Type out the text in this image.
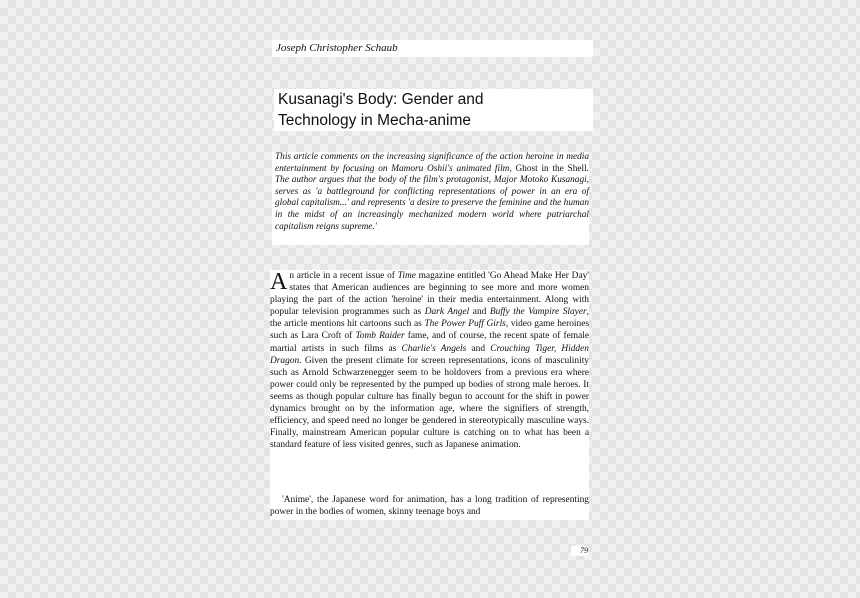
Joseph Christopher Schaub
Kusanagi's Body: Gender and
Technology in Mecha-anime
This article comments on the increasing significance of the action heroine in media entertainment by focusing on Mamoru Oshii's animated film, Ghost in the Shell. The author argues that the body of the film's protagonist, Major Motoko Kusanagi, serves as 'a battleground for conflicting representations of power in an era of global capitalism...' and represents 'a desire to preserve the feminine and the human in the midst of an increasingly mechanized modern world where patriarchal capitalism reigns supreme.'
An article in a recent issue of Time magazine entitled 'Go Ahead Make Her Day' states that American audiences are beginning to see more and more women playing the part of the action 'heroine' in their media entertainment. Along with popular television programmes such as Dark Angel and Buffy the Vampire Slayer, the article mentions hit cartoons such as The Power Puff Girls, video game heroines such as Lara Croft of Tomb Raider fame, and of course, the recent spate of female martial artists in such films as Charlie's Angels and Crouching Tiger, Hidden Dragon. Given the present climate for screen representations, icons of masculinity such as Arnold Schwarzenegger seem to be holdovers from a previous era where power could only be represented by the pumped up bodies of strong male heroes. It seems as though popular culture has finally begun to account for the shift in power dynamics brought on by the information age, where the signifiers of strength, efficiency, and speed need no longer be gendered in stereotypically masculine ways. Finally, mainstream American popular culture is catching on to what has been a standard feature of less visited genres, such as Japanese animation.
'Anime', the Japanese word for animation, has a long tradition of representing power in the bodies of women, skinny teenage boys and
79
